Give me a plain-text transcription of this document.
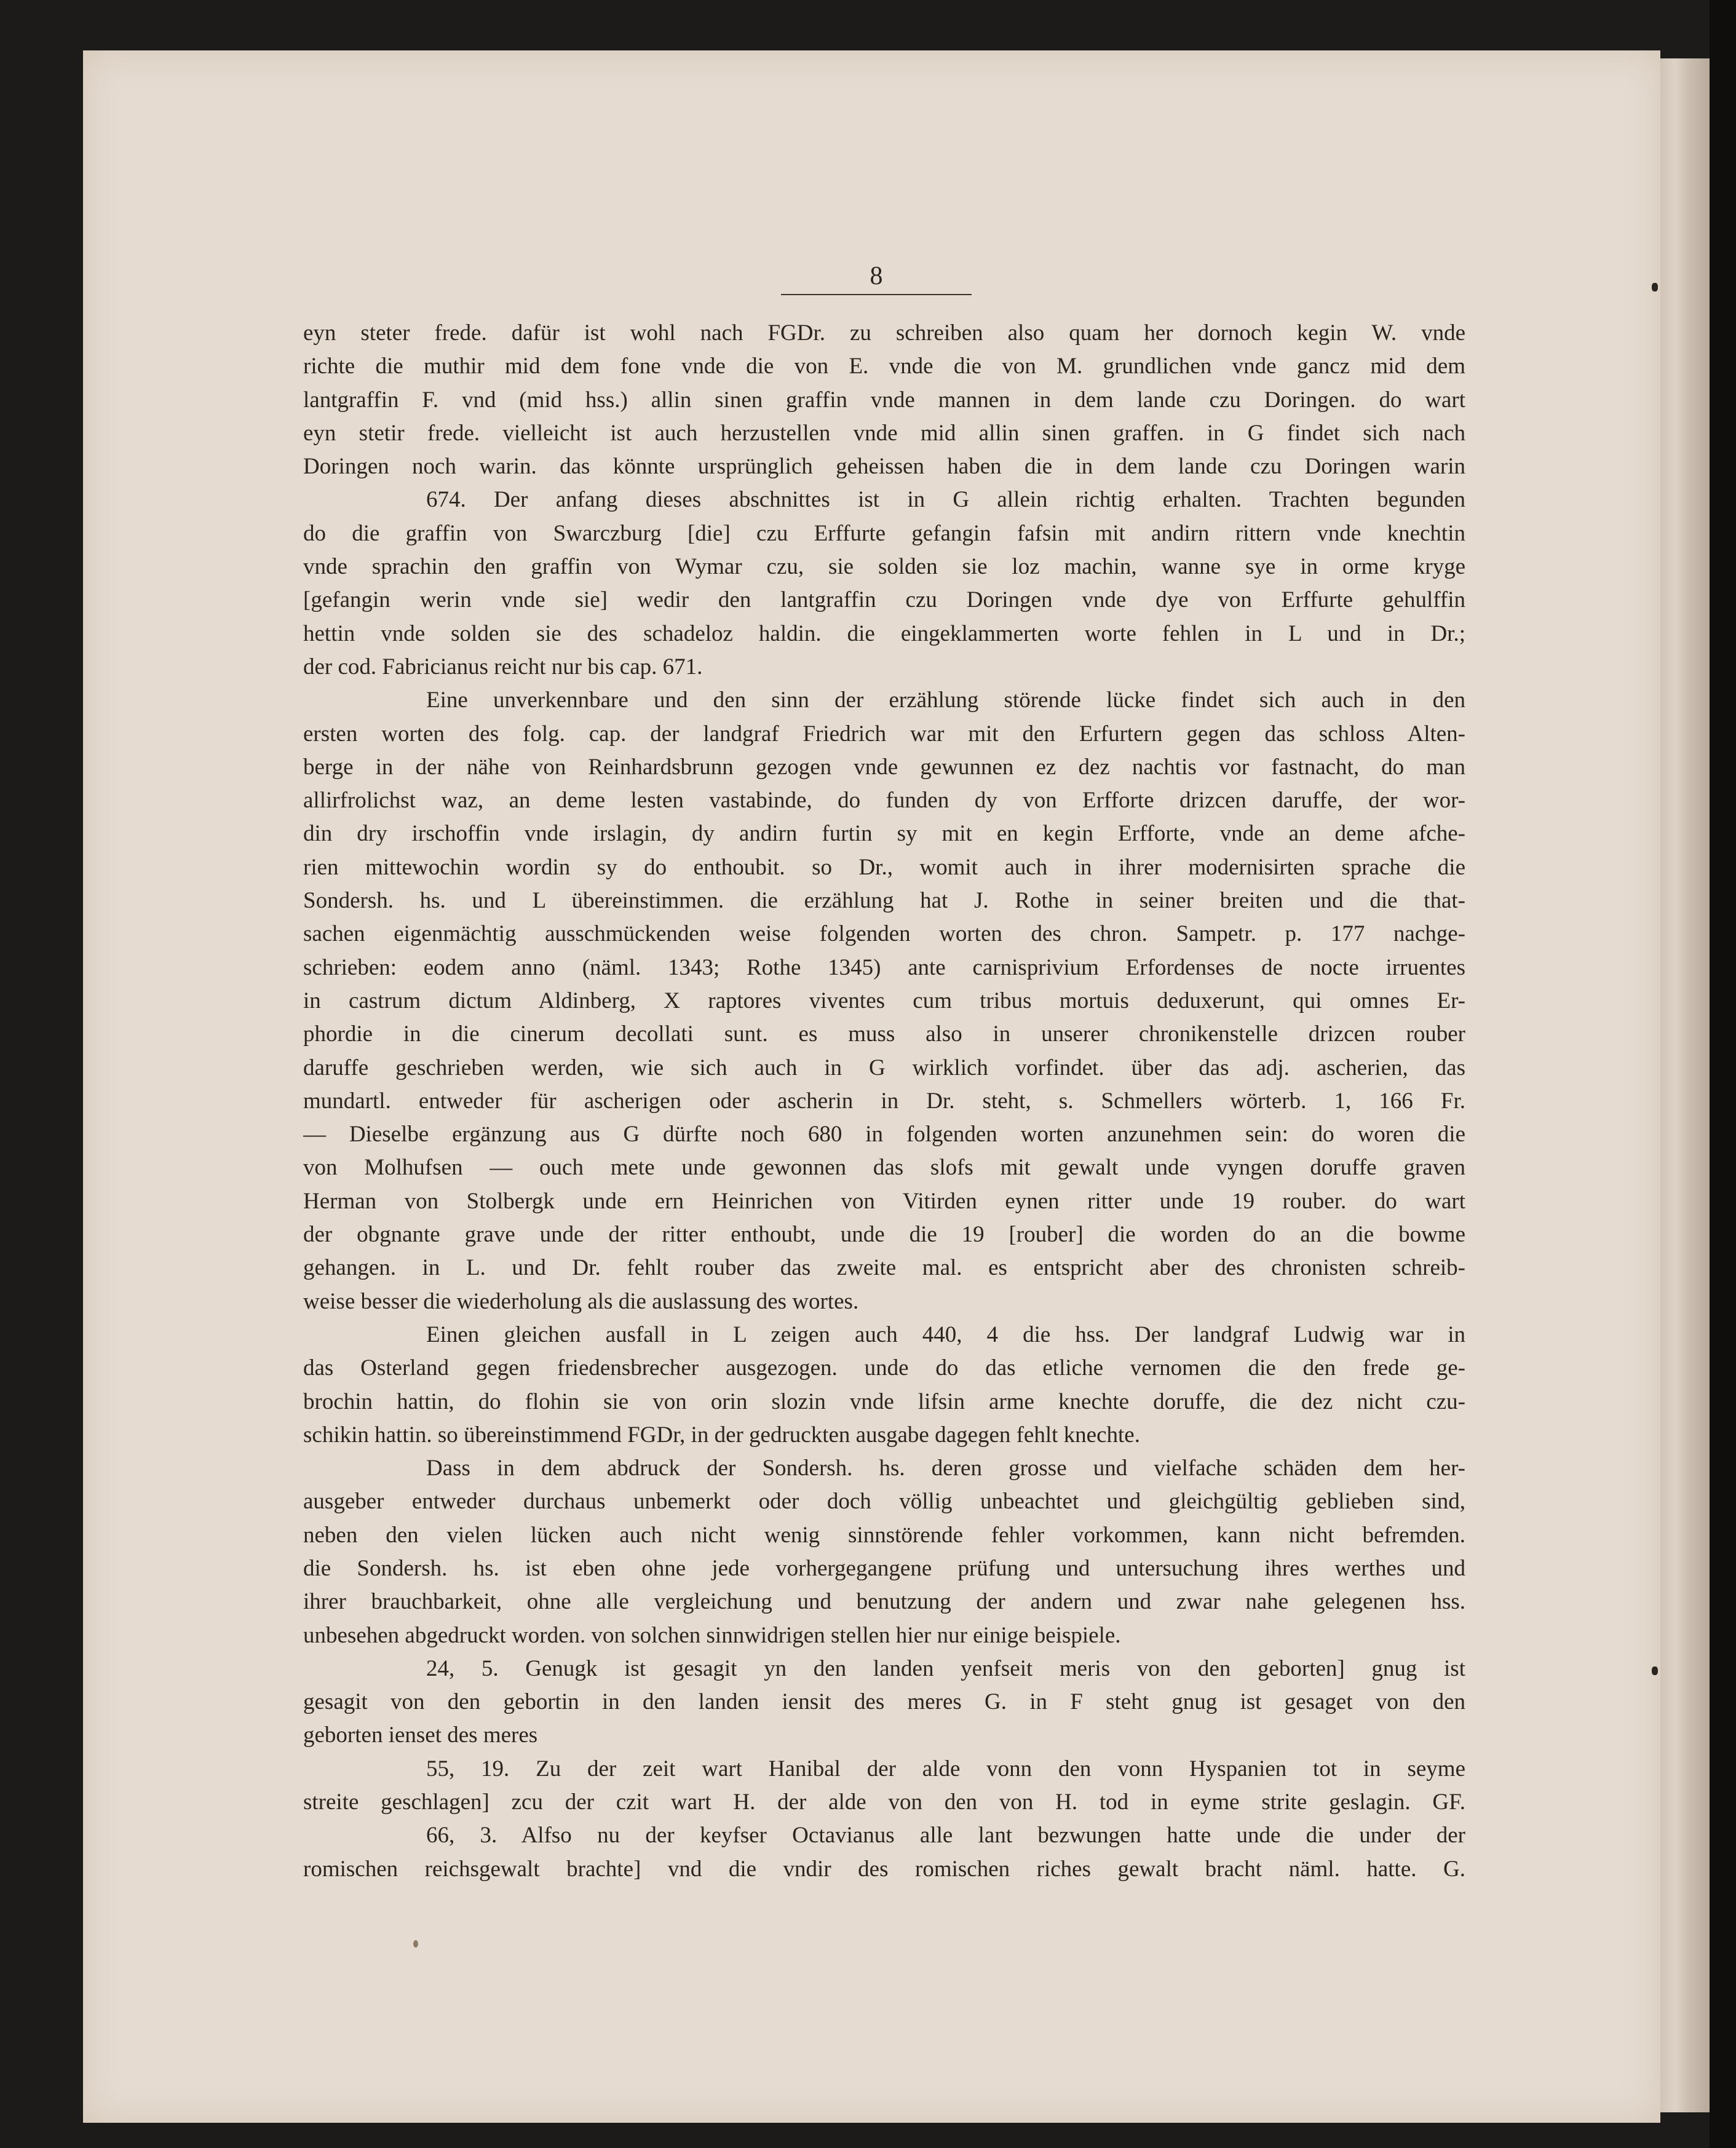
8
eyn steter frede. dafür ist wohl nach FGDr. zu schreiben also quam her dornoch kegin W. vnde
richte die muthir mid dem fone vnde die von E. vnde die von M. grundlichen vnde gancz mid dem
lantgraffin F. vnd (mid hss.) allin sinen graffin vnde mannen in dem lande czu Doringen. do wart
eyn stetir frede. vielleicht ist auch herzustellen vnde mid allin sinen graffen. in G findet sich nach
Doringen noch warin. das könnte ursprünglich geheissen haben die in dem lande czu Doringen warin
674. Der anfang dieses abschnittes ist in G allein richtig erhalten. Trachten begunden
do die graffin von Swarczburg [die] czu Erffurte gefangin fafsin mit andirn rittern vnde knechtin
vnde sprachin den graffin von Wymar czu, sie solden sie loz machin, wanne sye in orme kryge
[gefangin werin vnde sie] wedir den lantgraffin czu Doringen vnde dye von Erffurte gehulffin
hettin vnde solden sie des schadeloz haldin. die eingeklammerten worte fehlen in L und in Dr.;
der cod. Fabricianus reicht nur bis cap. 671.
Eine unverkennbare und den sinn der erzählung störende lücke findet sich auch in den
ersten worten des folg. cap. der landgraf Friedrich war mit den Erfurtern gegen das schloss Alten-
berge in der nähe von Reinhardsbrunn gezogen vnde gewunnen ez dez nachtis vor fastnacht, do man
allirfrolichst waz, an deme lesten vastabinde, do funden dy von Erfforte drizcen daruffe, der wor-
din dry irschoffin vnde irslagin, dy andirn furtin sy mit en kegin Erfforte, vnde an deme afche-
rien mittewochin wordin sy do enthoubit. so Dr., womit auch in ihrer modernisirten sprache die
Sondersh. hs. und L übereinstimmen. die erzählung hat J. Rothe in seiner breiten und die that-
sachen eigenmächtig ausschmückenden weise folgenden worten des chron. Sampetr. p. 177 nachge-
schrieben: eodem anno (näml. 1343; Rothe 1345) ante carnisprivium Erfordenses de nocte irruentes
in castrum dictum Aldinberg, X raptores viventes cum tribus mortuis deduxerunt, qui omnes Er-
phordie in die cinerum decollati sunt. es muss also in unserer chronikenstelle drizcen rouber
daruffe geschrieben werden, wie sich auch in G wirklich vorfindet. über das adj. ascherien, das
mundartl. entweder für ascherigen oder ascherin in Dr. steht, s. Schmellers wörterb. 1, 166 Fr.
— Dieselbe ergänzung aus G dürfte noch 680 in folgenden worten anzunehmen sein: do woren die
von Molhufsen — ouch mete unde gewonnen das slofs mit gewalt unde vyngen doruffe graven
Herman von Stolbergk unde ern Heinrichen von Vitirden eynen ritter unde 19 rouber. do wart
der obgnante grave unde der ritter enthoubt, unde die 19 [rouber] die worden do an die bowme
gehangen. in L. und Dr. fehlt rouber das zweite mal. es entspricht aber des chronisten schreib-
weise besser die wiederholung als die auslassung des wortes.
Einen gleichen ausfall in L zeigen auch 440, 4 die hss. Der landgraf Ludwig war in
das Osterland gegen friedensbrecher ausgezogen. unde do das etliche vernomen die den frede ge-
brochin hattin, do flohin sie von orin slozin vnde lifsin arme knechte doruffe, die dez nicht czu-
schikin hattin. so übereinstimmend FGDr, in der gedruckten ausgabe dagegen fehlt knechte.
Dass in dem abdruck der Sondersh. hs. deren grosse und vielfache schäden dem her-
ausgeber entweder durchaus unbemerkt oder doch völlig unbeachtet und gleichgültig geblieben sind,
neben den vielen lücken auch nicht wenig sinnstörende fehler vorkommen, kann nicht befremden.
die Sondersh. hs. ist eben ohne jede vorhergegangene prüfung und untersuchung ihres werthes und
ihrer brauchbarkeit, ohne alle vergleichung und benutzung der andern und zwar nahe gelegenen hss.
unbesehen abgedruckt worden. von solchen sinnwidrigen stellen hier nur einige beispiele.
24, 5. Genugk ist gesagit yn den landen yenfseit meris von den geborten] gnug ist
gesagit von den gebortin in den landen iensit des meres G. in F steht gnug ist gesaget von den
geborten ienset des meres
55, 19. Zu der zeit wart Hanibal der alde vonn den vonn Hyspanien tot in seyme
streite geschlagen] zcu der czit wart H. der alde von den von H. tod in eyme strite geslagin. GF.
66, 3. Alfso nu der keyfser Octavianus alle lant bezwungen hatte unde die under der
romischen reichsgewalt brachte] vnd die vndir des romischen riches gewalt bracht näml. hatte. G.
